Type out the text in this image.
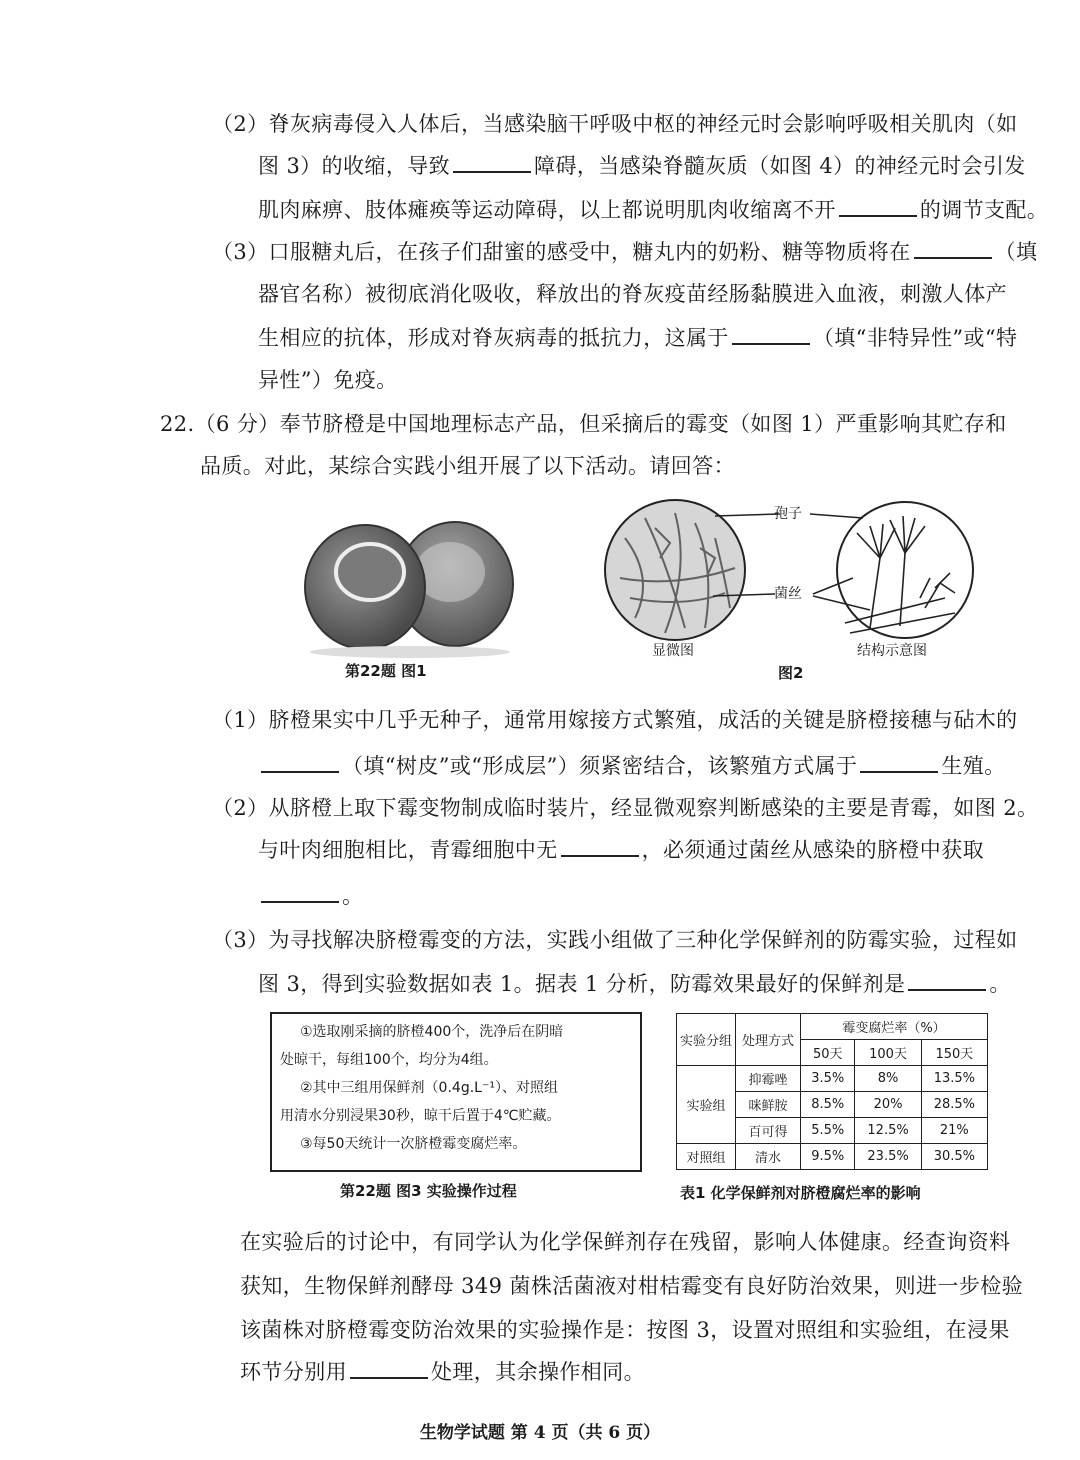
（2）脊灰病毒侵入人体后，当感染脑干呼吸中枢的神经元时会影响呼吸相关肌肉（如
图 3）的收缩，导致	障碍，当感染脊髓灰质（如图 4）的神经元时会引发
肌肉麻痹、肢体瘫痪等运动障碍，以上都说明肌肉收缩离不开	的调节支配。
（3）口服糖丸后，在孩子们甜蜜的感受中，糖丸内的奶粉、糖等物质将在	（填
器官名称）被彻底消化吸收，释放出的脊灰疫苗经肠黏膜进入血液，刺激人体产
生相应的抗体，形成对脊灰病毒的抵抗力，这属于	（填“非特异性”或“特
异性”）免疫。
22.（6 分）奉节脐橙是中国地理标志产品，但采摘后的霉变（如图 1）严重影响其贮存和
品质。对此，某综合实践小组开展了以下活动。请回答：
第22题 图1
孢子
菌丝
显微图	结构示意图
图2
（1）脐橙果实中几乎无种子，通常用嫁接方式繁殖，成活的关键是脐橙接穗与砧木的
（填“树皮”或“形成层”）须紧密结合，该繁殖方式属于	生殖。
（2）从脐橙上取下霉变物制成临时装片，经显微观察判断感染的主要是青霉，如图 2。
与叶肉细胞相比，青霉细胞中无	，必须通过菌丝从感染的脐橙中获取
。
（3）为寻找解决脐橙霉变的方法，实践小组做了三种化学保鲜剂的防霉实验，过程如
图 3，得到实验数据如表 1。据表 1 分析，防霉效果最好的保鲜剂是	。
①选取刚采摘的脐橙400个，洗净后在阴暗
处晾干，每组100个，均分为4组。
②其中三组用保鲜剂（0.4g.L⁻¹）、对照组
用清水分别浸果30秒，晾干后置于4℃贮藏。
③每50天统计一次脐橙霉变腐烂率。
第22题 图3 实验操作过程
实验分组	处理方式	霉变腐烂率（%）		
		50天	100天	150天
实验组	抑霉唑	3.5%	8%	13.5%
	咪鲜胺	8.5%	20%	28.5%
	百可得	5.5%	12.5%	21%
对照组	清水	9.5%	23.5%	30.5%
表1 化学保鲜剂对脐橙腐烂率的影响
在实验后的讨论中，有同学认为化学保鲜剂存在残留，影响人体健康。经查询资料
获知，生物保鲜剂酵母 349 菌株活菌液对柑桔霉变有良好防治效果，则进一步检验
该菌株对脐橙霉变防治效果的实验操作是：按图 3，设置对照组和实验组，在浸果
环节分别用	处理，其余操作相同。
生物学试题 第 4 页（共 6 页）
